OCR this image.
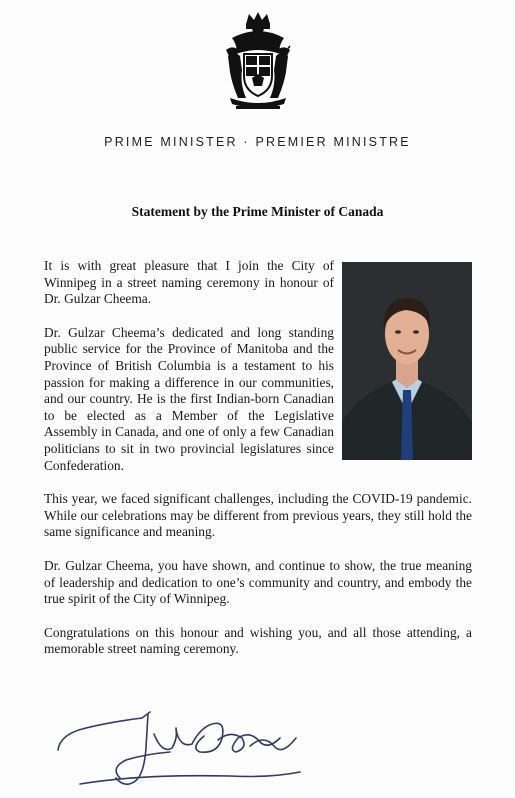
PRIME MINISTER · PREMIER MINISTRE
Statement by the Prime Minister of Canada

It is with great pleasure that I join the City of Winnipeg in a street naming ceremony in honour of Dr. Gulzar Cheema.

Dr. Gulzar Cheema’s dedicated and long standing public service for the Province of Manitoba and the Province of British Columbia is a testament to his passion for making a difference in our communities, and our country. He is the first Indian-born Canadian to be elected as a Member of the Legislative Assembly in Canada, and one of only a few Canadian politicians to sit in two provincial legislatures since Confederation.

This year, we faced significant challenges, including the COVID-19 pandemic. While our celebrations may be different from previous years, they still hold the same significance and meaning.

Dr. Gulzar Cheema, you have shown, and continue to show, the true meaning of leadership and dedication to one’s community and country, and embody the true spirit of the City of Winnipeg.

Congratulations on this honour and wishing you, and all those attending, a memorable street naming ceremony.
